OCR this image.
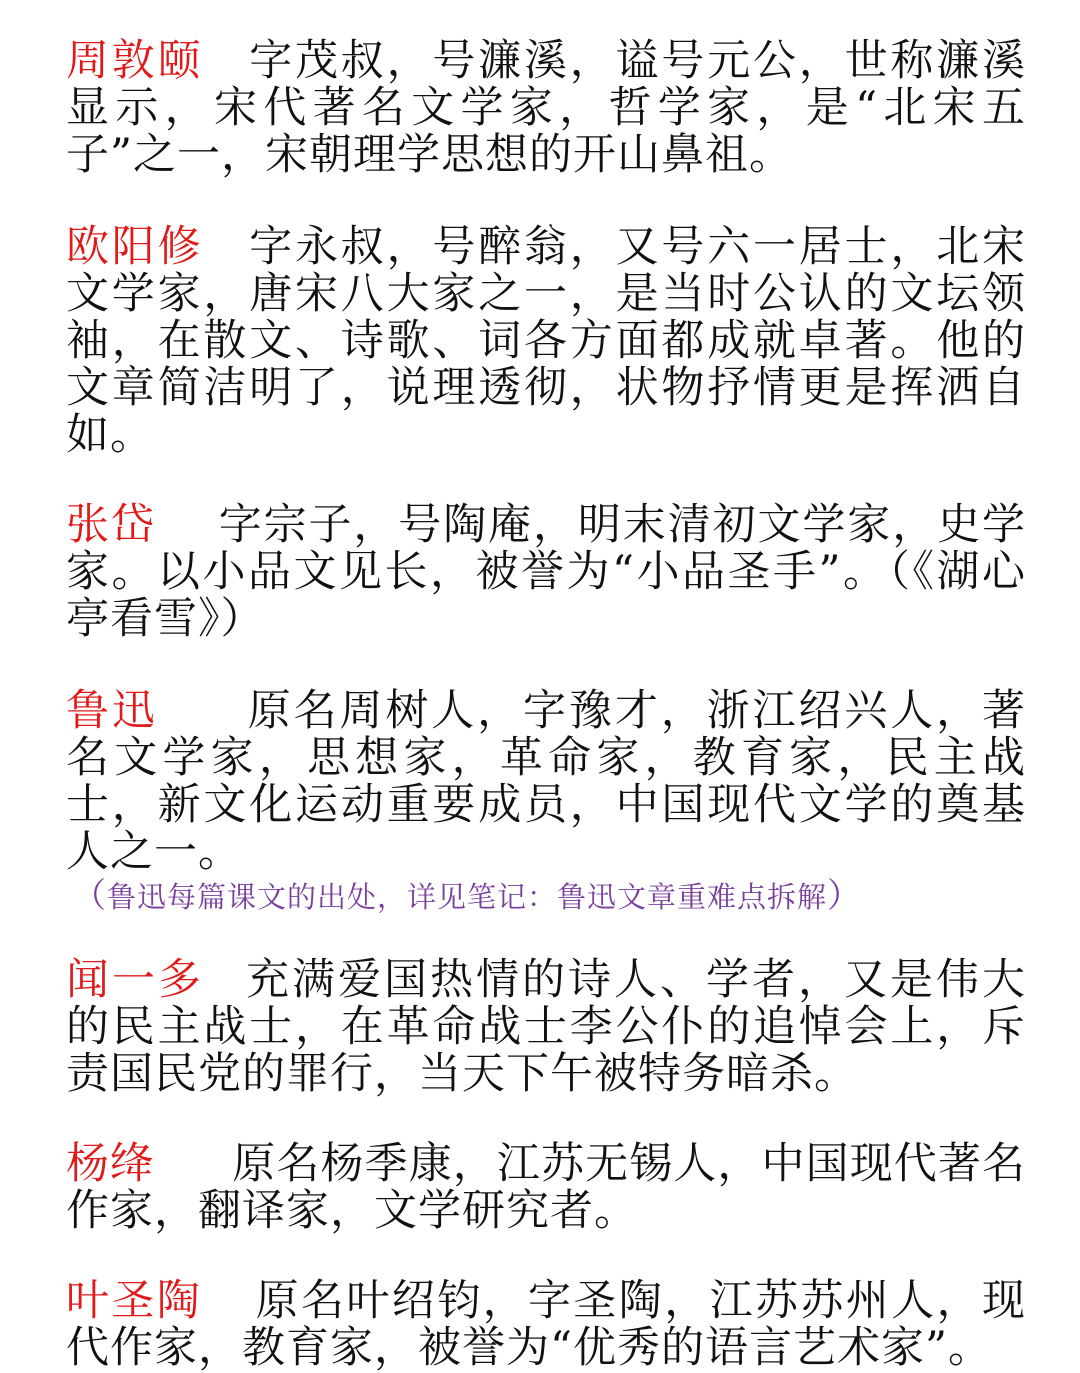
周敦颐 字茂叔，号濂溪，谥号元公，世称濂溪显示，宋代著名文学家，哲学家，是“北宋五子”之一，宋朝理学思想的开山鼻祖。

欧阳修 字永叔，号醉翁，又号六一居士，北宋文学家，唐宋八大家之一，是当时公认的文坛领袖，在散文、诗歌、词各方面都成就卓著。他的文章简洁明了，说理透彻，状物抒情更是挥洒自如。

张岱 字宗子，号陶庵，明末清初文学家，史学家。以小品文见长，被誉为“小品圣手”。（《湖心亭看雪》）

鲁迅 原名周树人，字豫才，浙江绍兴人，著名文学家，思想家，革命家，教育家，民主战士，新文化运动重要成员，中国现代文学的奠基人之一。
（鲁迅每篇课文的出处，详见笔记：鲁迅文章重难点拆解）

闻一多 充满爱国热情的诗人、学者，又是伟大的民主战士，在革命战士李公仆的追悼会上，斥责国民党的罪行，当天下午被特务暗杀。

杨绛 原名杨季康，江苏无锡人，中国现代著名作家，翻译家，文学研究者。

叶圣陶 原名叶绍钧，字圣陶，江苏苏州人，现代作家，教育家，被誉为“优秀的语言艺术家”。
